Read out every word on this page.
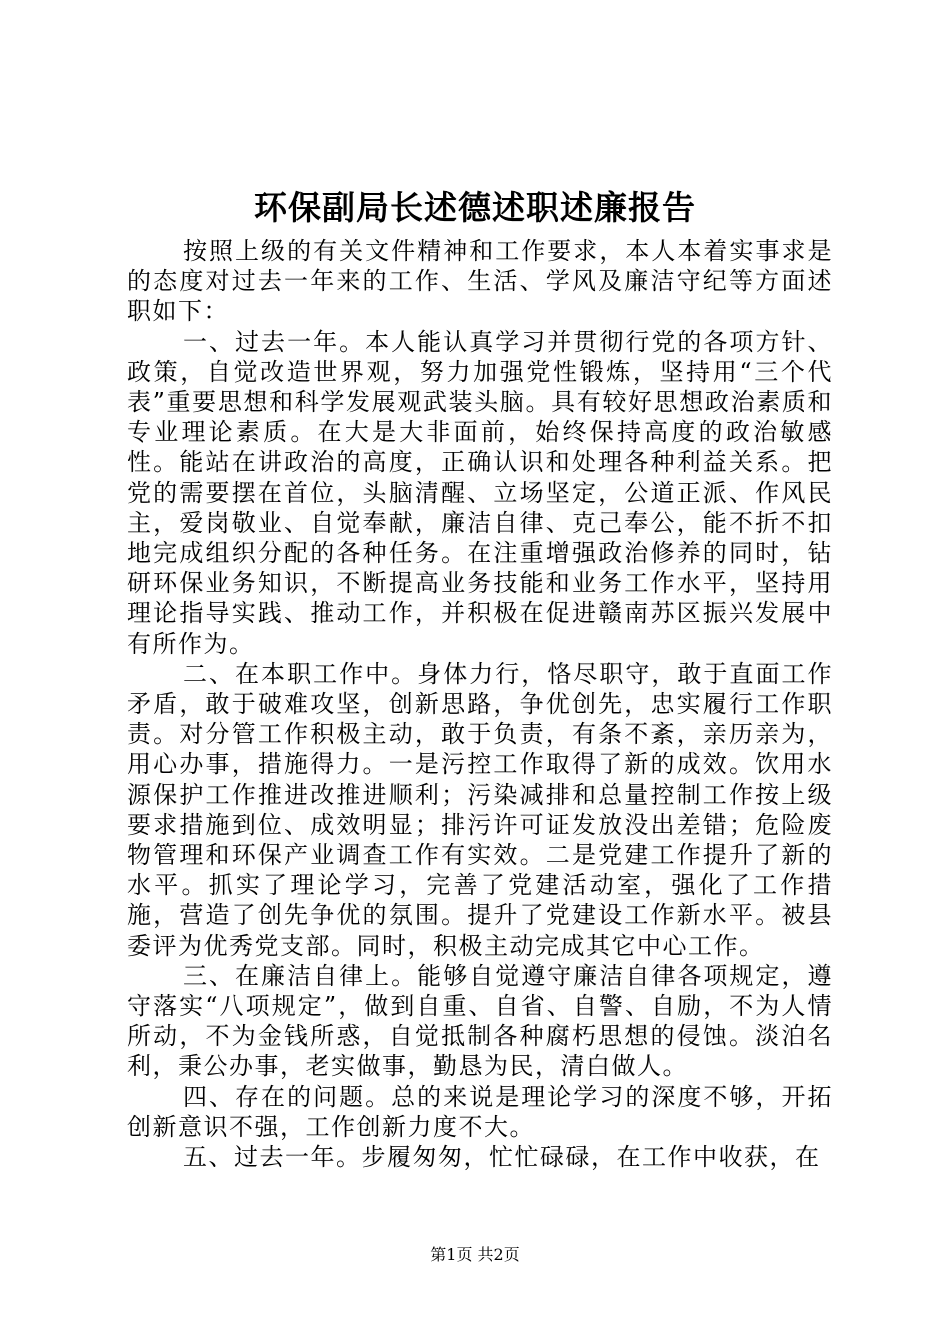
环保副局长述德述职述廉报告

按照上级的有关文件精神和工作要求，本人本着实事求是的态度对过去一年来的工作、生活、学风及廉洁守纪等方面述职如下：

一、过去一年。本人能认真学习并贯彻行党的各项方针、政策，自觉改造世界观，努力加强党性锻炼，坚持用“三个代表”重要思想和科学发展观武装头脑。具有较好思想政治素质和专业理论素质。在大是大非面前，始终保持高度的政治敏感性。能站在讲政治的高度，正确认识和处理各种利益关系。把党的需要摆在首位，头脑清醒、立场坚定，公道正派、作风民主，爱岗敬业、自觉奉献，廉洁自律、克己奉公，能不折不扣地完成组织分配的各种任务。在注重增强政治修养的同时，钻研环保业务知识，不断提高业务技能和业务工作水平，坚持用理论指导实践、推动工作，并积极在促进赣南苏区振兴发展中有所作为。

二、在本职工作中。身体力行，恪尽职守，敢于直面工作矛盾，敢于破难攻坚，创新思路，争优创先，忠实履行工作职责。对分管工作积极主动，敢于负责，有条不紊，亲历亲为，用心办事，措施得力。一是污控工作取得了新的成效。饮用水源保护工作推进改推进顺利；污染减排和总量控制工作按上级要求措施到位、成效明显；排污许可证发放没出差错；危险废物管理和环保产业调查工作有实效。二是党建工作提升了新的水平。抓实了理论学习，完善了党建活动室，强化了工作措施，营造了创先争优的氛围。提升了党建设工作新水平。被县委评为优秀党支部。同时，积极主动完成其它中心工作。

三、在廉洁自律上。能够自觉遵守廉洁自律各项规定，遵守落实“八项规定”，做到自重、自省、自警、自励，不为人情所动，不为金钱所惑，自觉抵制各种腐朽思想的侵蚀。淡泊名利，秉公办事，老实做事，勤恳为民，清白做人。

四、存在的问题。总的来说是理论学习的深度不够，开拓创新意识不强，工作创新力度不大。

五、过去一年。步履匆匆，忙忙碌碌，在工作中收获，在

第1页 共2页
